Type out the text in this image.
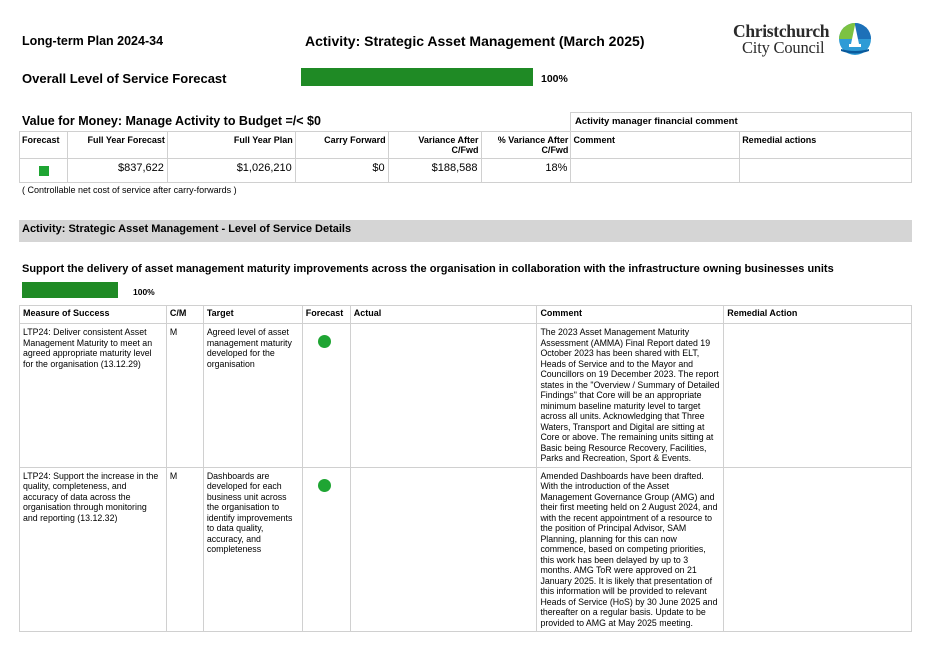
Long-term Plan 2024-34	Activity: Strategic Asset Management (March 2025)	Christchurch
City Council
Overall Level of Service Forecast	100%
Value for Money: Manage Activity to Budget =/< $0	Activity manager financial comment
Forecast	Full Year Forecast	Full Year Plan	Carry Forward	Variance After C/Fwd	% Variance After C/Fwd	Comment	Remedial actions
	$837,622	$1,026,210	$0	$188,588	18%		
( Controllable net cost of service after carry-forwards )
Activity: Strategic Asset Management - Level of Service Details
Support the delivery of asset management maturity improvements across the organisation in collaboration with the infrastructure owning businesses units
100%
Measure of Success	C/M	Target	Forecast	Actual	Comment	Remedial Action
LTP24: Deliver consistent Asset Management Maturity to meet an agreed appropriate maturity level for the organisation (13.12.29)	M	Agreed level of asset management maturity developed for the organisation			The 2023 Asset Management Maturity Assessment (AMMA) Final Report dated 19 October 2023 has been shared with ELT, Heads of Service and to the Mayor and Councillors on 19 December 2023. The report states in the "Overview / Summary of Detailed Findings" that Core will be an appropriate minimum baseline maturity level to target across all units. Acknowledging that Three Waters, Transport and Digital are sitting at Core or above. The remaining units sitting at Basic being Resource Recovery, Facilities, Parks and Recreation, Sport & Events.	
LTP24: Support the increase in the quality, completeness, and accuracy of data across the organisation through monitoring and reporting (13.12.32)	M	Dashboards are developed for each business unit across the organisation to identify improvements to data quality, accuracy, and completeness			Amended Dashboards have been drafted. With the introduction of the Asset Management Governance Group (AMG) and their first meeting held on 2 August 2024, and with the recent appointment of a resource to the position of Principal Advisor, SAM Planning, planning for this can now commence, based on competing priorities, this work has been delayed by up to 3 months. AMG ToR were approved on 21 January 2025. It is likely that presentation of this information will be provided to relevant Heads of Service (HoS) by 30 June 2025 and thereafter on a regular basis. Update to be provided to AMG at May 2025 meeting.	
